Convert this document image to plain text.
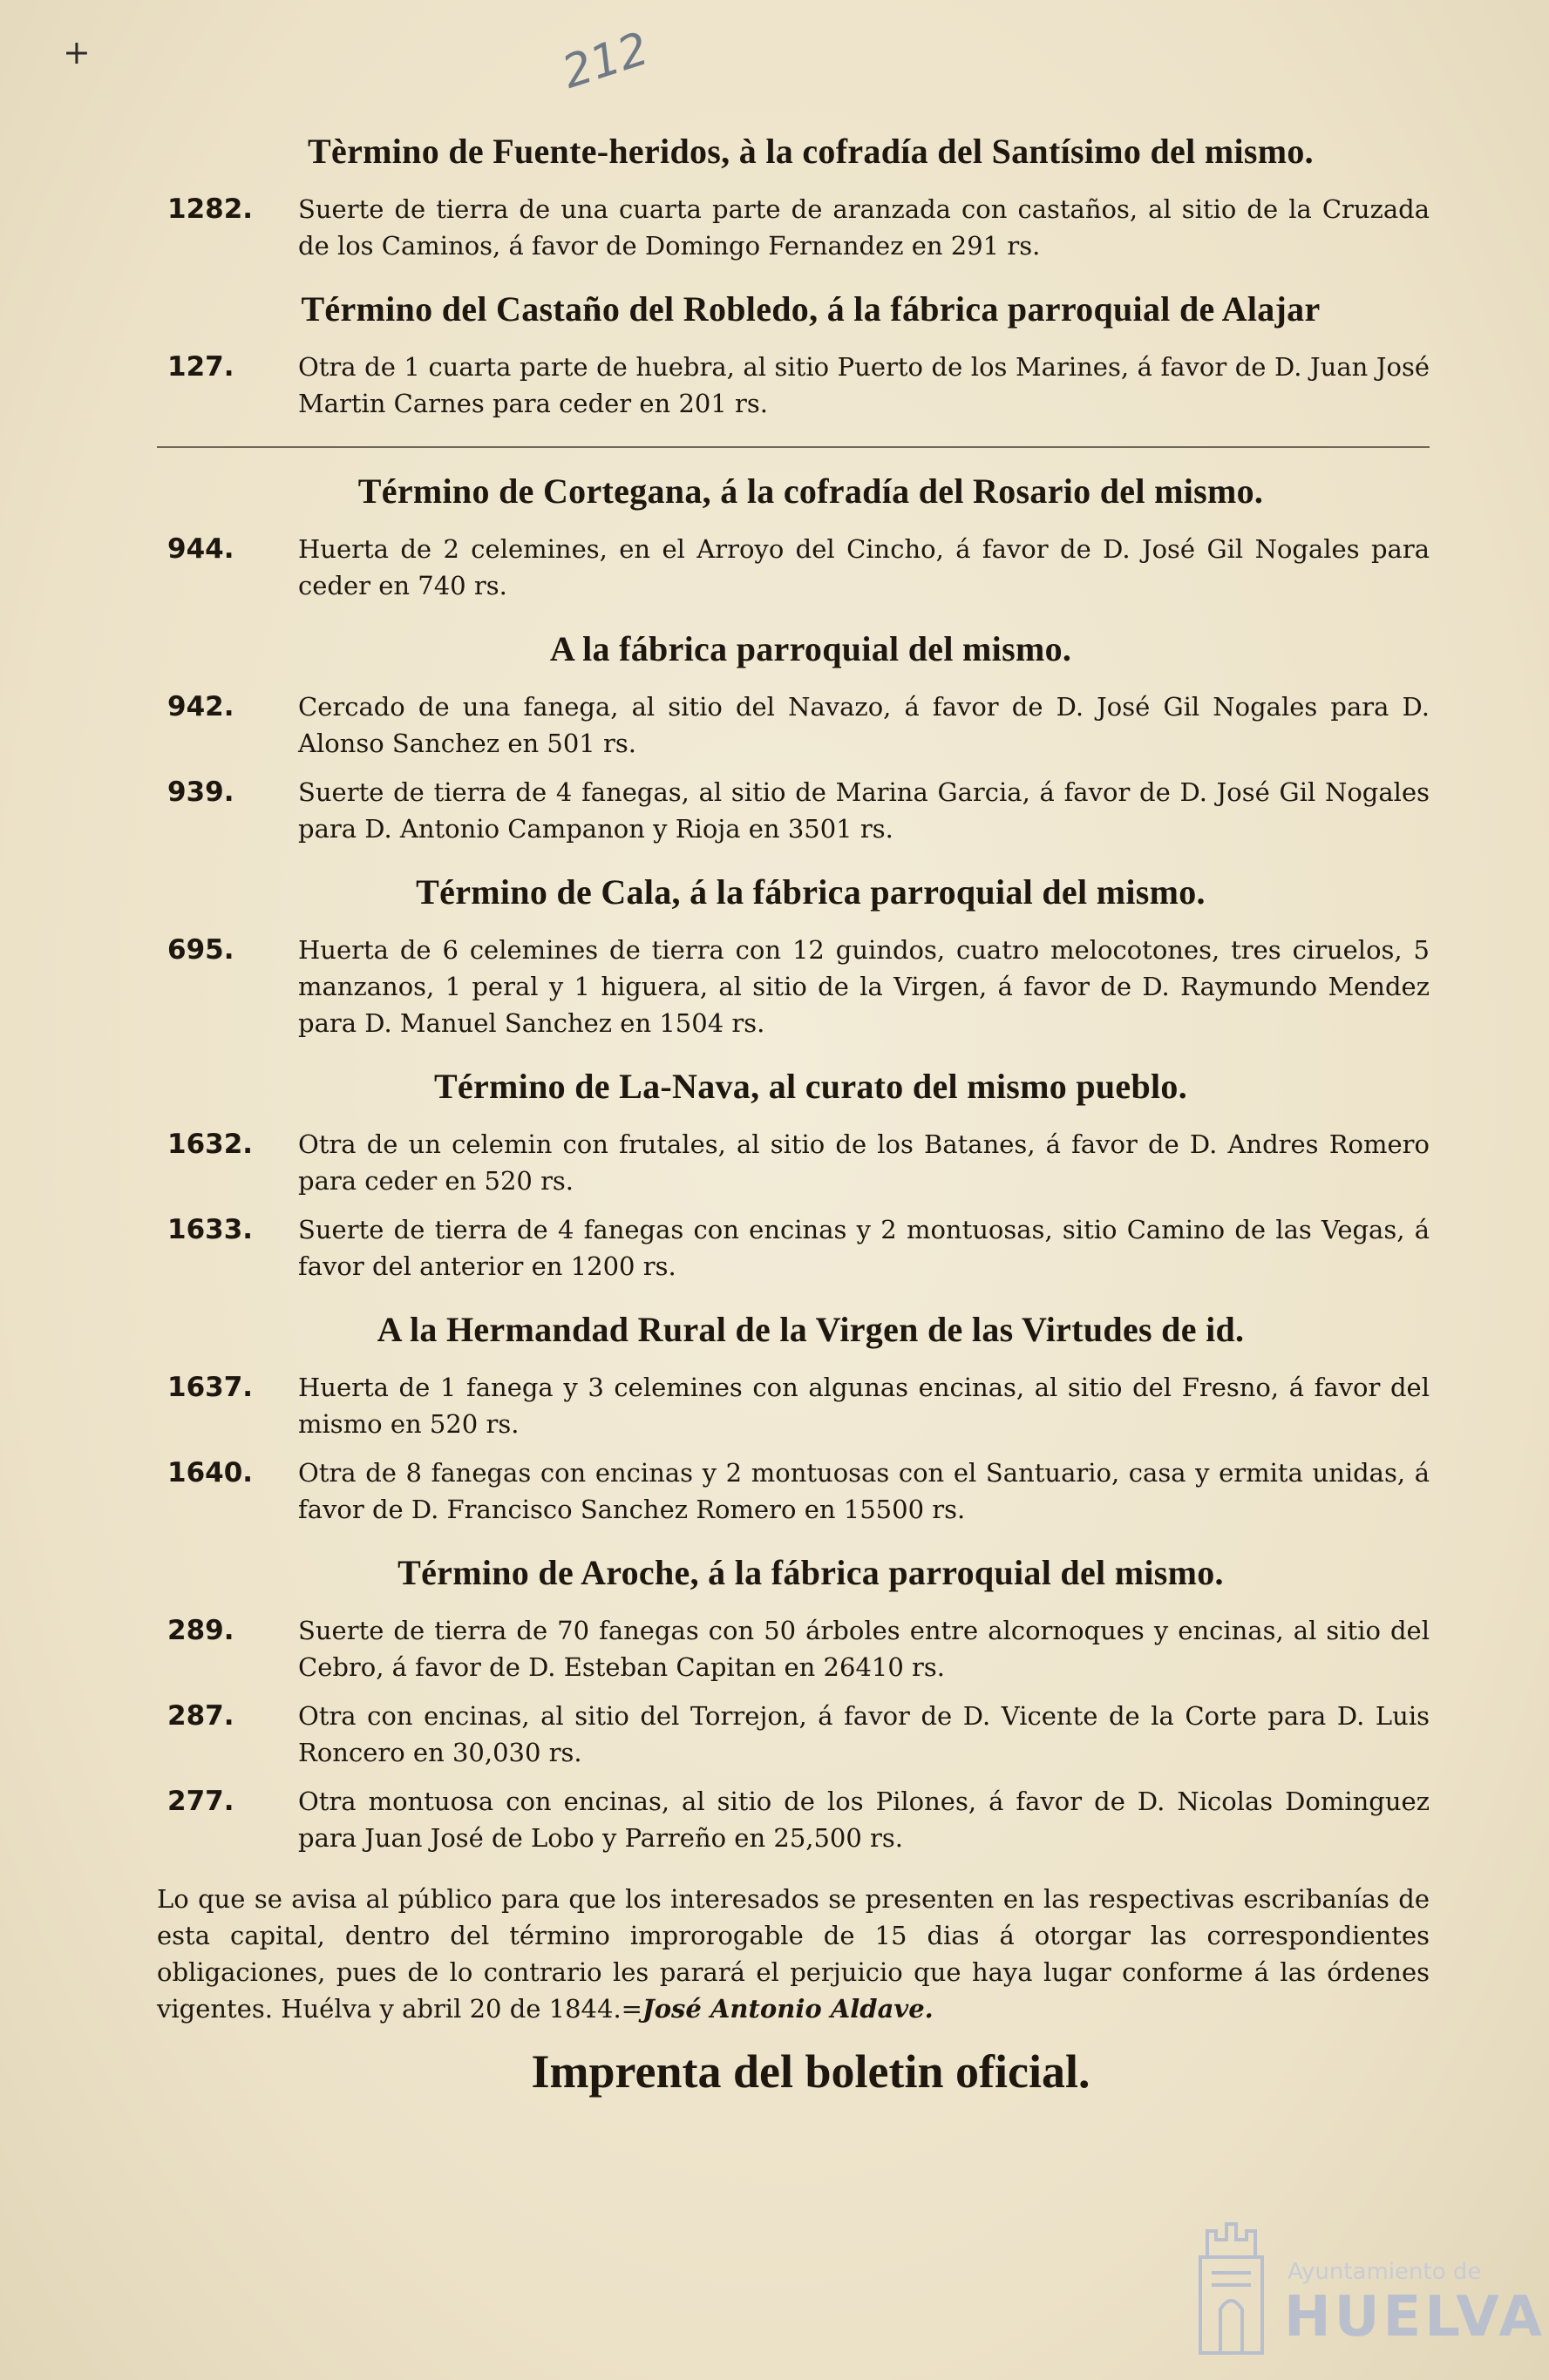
+	212
Tèrmino de Fuente-heridos, à la cofradía del Santísimo del mismo.
1282.	Suerte de tierra de una cuarta parte de aranzada con castaños, al sitio de la Cruzada de los Caminos, á favor de Domingo Fernandez en 291 rs.
Término del Castaño del Robledo, á la fábrica parroquial de Alajar
127.	Otra de 1 cuarta parte de huebra, al sitio Puerto de los Marines, á favor de D. Juan José Martin Carnes para ceder en 201 rs.
Término de Cortegana, á la cofradía del Rosario del mismo.
944.	Huerta de 2 celemines, en el Arroyo del Cincho, á favor de D. José Gil Nogales para ceder en 740 rs.
A la fábrica parroquial del mismo.
942.	Cercado de una fanega, al sitio del Navazo, á favor de D. José Gil Nogales para D. Alonso Sanchez en 501 rs.
939.	Suerte de tierra de 4 fanegas, al sitio de Marina Garcia, á favor de D. José Gil Nogales para D. Antonio Campanon y Rioja en 3501 rs.
Término de Cala, á la fábrica parroquial del mismo.
695.	Huerta de 6 celemines de tierra con 12 guindos, cuatro melocotones, tres ciruelos, 5 manzanos, 1 peral y 1 higuera, al sitio de la Virgen, á favor de D. Raymundo Mendez para D. Manuel Sanchez en 1504 rs.
Término de La-Nava, al curato del mismo pueblo.
1632.	Otra de un celemin con frutales, al sitio de los Batanes, á favor de D. Andres Romero para ceder en 520 rs.
1633.	Suerte de tierra de 4 fanegas con encinas y 2 montuosas, sitio Camino de las Vegas, á favor del anterior en 1200 rs.
A la Hermandad Rural de la Virgen de las Virtudes de id.
1637.	Huerta de 1 fanega y 3 celemines con algunas encinas, al sitio del Fresno, á favor del mismo en 520 rs.
1640.	Otra de 8 fanegas con encinas y 2 montuosas con el Santuario, casa y ermita unidas, á favor de D. Francisco Sanchez Romero en 15500 rs.
Término de Aroche, á la fábrica parroquial del mismo.
289.	Suerte de tierra de 70 fanegas con 50 árboles entre alcornoques y encinas, al sitio del Cebro, á favor de D. Esteban Capitan en 26410 rs.
287.	Otra con encinas, al sitio del Torrejon, á favor de D. Vicente de la Corte para D. Luis Roncero en 30,030 rs.
277.	Otra montuosa con encinas, al sitio de los Pilones, á favor de D. Nicolas Dominguez para Juan José de Lobo y Parreño en 25,500 rs.
Lo que se avisa al público para que los interesados se presenten en las respectivas escribanías de esta capital, dentro del término improrogable de 15 dias á otorgar las correspondientes obligaciones, pues de lo contrario les parará el perjuicio que haya lugar conforme á las órdenes vigentes. Huélva y abril 20 de 1844.=José Antonio Aldave.
Imprenta del boletin oficial.
Ayuntamiento de
HUELVA
